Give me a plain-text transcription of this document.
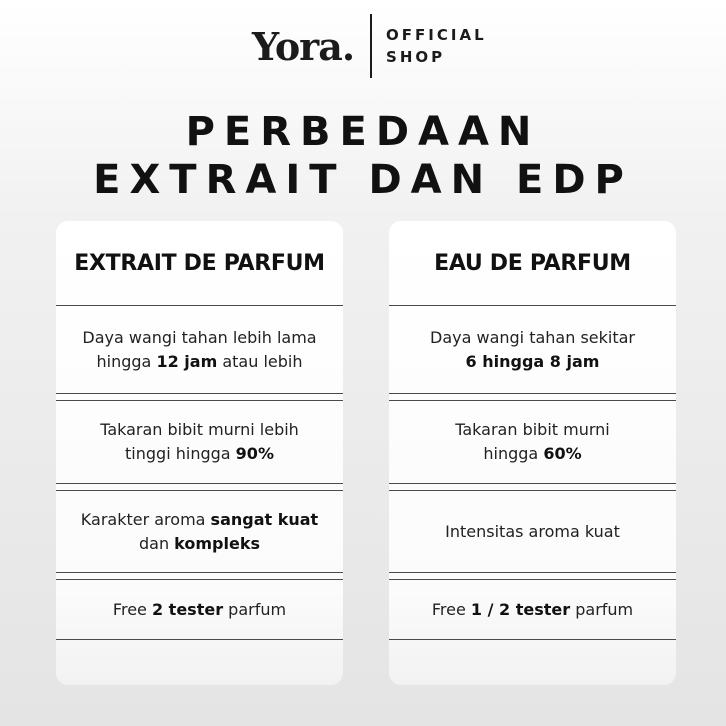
Yora.	OFFICIAL
SHOP
PERBEDAAN
EXTRAIT DAN EDP
EXTRAIT DE PARFUM
Daya wangi tahan lebih lama
hingga 12 jam atau lebih
Takaran bibit murni lebih
tinggi hingga 90%
Karakter aroma sangat kuat
dan kompleks
Free 2 tester parfum
EAU DE PARFUM
Daya wangi tahan sekitar
6 hingga 8 jam
Takaran bibit murni
hingga 60%
Intensitas aroma kuat
Free 1 / 2 tester parfum
